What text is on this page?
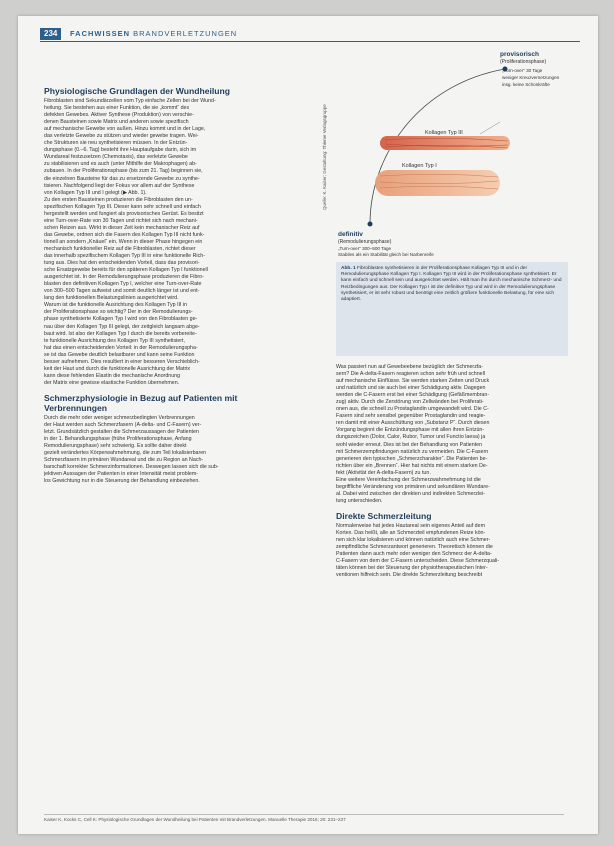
234	FACHWISSEN BRANDVERLETZUNGEN
Physiologische Grundlagen der Wundheilung
Fibroblasten sind Sekundärzellen vom Typ einfache Zellen bei der Wund-
heilung. Sie bestehen aus einer Funktion, die sie „kommt“ des
defekten Gewebes. Aktiver Synthese (Produktion) von verschie-
denen Bausteinen sowie Matrix und anderen sowie spezifisch
auf mechanische Gewebe von außen. Hinzu kommt und in der Lage,
das verletzte Gewebe zu stützen und wieder gewebe tragen. Wei-
che Strukturen sie neu synthetisieren müssen. In der Entzün-
dungsphase (0.–6. Tag) besteht ihre Hauptaufgabe darin, sich im
Wundareal festzusetzen (Chemotaxis), das verletzte Gewebe
zu stabilisieren und es auch (unter Mithilfe der Makrophagen) ab-
zubauen. In der Proliferationsphase (bis zum 21. Tag) beginnen sie,
die einzelnen Bausteine für das zu ersetzende Gewebe zu synthe-
tisieren. Nachfolgend liegt der Fokus vor allem auf der Synthese
von Kollagen Typ III und I gelegt (▶ Abb. 1).
Zu den ersten Bausteinen produzieren die Fibroblasten den un-
spezifischen Kollagen Typ III. Dieser kann sehr schnell und einfach
hergestellt werden und fungiert als provisorisches Gerüst. Es besitzt
eine Turn-over-Rate von 30 Tagen und richtet sich nach mechani-
schen Reizen aus. Wirkt in dieser Zeit kein mechanischer Reiz auf
das Gewebe, ordnen sich die Fasern des Kollagen Typ III nicht funk-
tionell an sondern „Knäuel“ ein. Wenn in dieser Phase hingegen ein
mechanisch funktioneller Reiz auf die Fibroblasten, richtet dieser
das innerhalb spezifischem Kollagen Typ III in eine funktionelle Rich-
tung aus. Dies hat den entscheidenden Vorteil, dass das provisori-
sche Ersatzgewebe bereits für den späteren Kollagen Typ I funktionell
ausgerichtet ist. In der Remodulierungsphase produzieren die Fibro-
blasten den definitiven Kollagen Typ I, welcher eine Turn-over-Rate
von 300–500 Tagen aufweist und somit deutlich länger ist und ent-
lang den funktionellen Belastungslinien ausgerichtet wird.
Warum ist die funktionelle Ausrichtung des Kollagen Typ III in
der Proliferationsphase so wichtig? Der in der Remodulierungs-
phase synthetisierte Kollagen Typ I wird von den Fibroblasten ge-
nau über den Kollagen Typ III gelegt, der zeitgleich langsam abge-
baut wird. Ist also der Kollagen Typ I durch die bereits vorbereite-
te funktionelle Ausrichtung des Kollagen Typ III synthetisiert,
hat das einen entscheidenden Vorteil: in der Remodulierungspha-
se ist das Gewebe deutlich belastbarer und kann seine Funktion
besser aufnehmen. Dies resultiert in einer besseren Verschieblich-
keit der Haut und durch die funktionelle Ausrichtung der Matrix
kann diese fehlenden Elastin die mechanische Anordnung
der Matrix eine gewisse elastische Funktion übernehmen.
Schmerzphysiologie in Bezug auf Patienten mit Verbrennungen
Durch die mehr oder weniger schmerzbedingten Verbrennungen
der Haut werden auch Schmerzfasern (A-delta- und C-Fasern) ver-
letzt. Grundsätzlich gestalten die Schmerzaussagen der Patienten
in der 1. Behandlungsphase (frühe Proliferationsphase, Anfang
Remodulierungsphase) sehr schwierig. Es sollte daher direkt
gezielt verändertes Körperwahrnehmung, die zum Teil lokalisierbaren
Schmerzfasern im primären Wundareal und die zu Region an Nach-
barschaft korrekter Schmerzinformationen. Deswegen lassen sich die sub-
jektiven Aussagen der Patienten in einer Intensität meist problem-
los Gewichtung nur in die Steuerung der Behandlung einbeziehen.
Quelle: K. Kaiser; Gestaltung: Thieme Verlagsgruppe	Kollagen Typ III
Kollagen Typ I
provisorisch
(Proliferationsphase)
„Turn-over“ 30 Tage
weniger Kreuzvernetzungen
insg. keine Schonkräfte
definitiv
(Remodulierungsphase)
„Turn-over“ 300–500 Tage
Stabiles als ein Stabilität gleich bei Narbenreife
Abb. 1 Fibroblasten synthetisieren in der Proliferationsphase Kollagen Typ III und in der Remodulierungsphase Kollagen Typ I. Kollagen Typ III wird in der Proliferationsphase synthetisiert. Er kann einfach und schnell sein und ausgerichtet werden. Hält man ihn durch mechanische Schmerz- und Reizbedingungen aus. Der Kollagen Typ I ist der definitive Typ und wird in der Remodulierungsphase synthetisiert, er ist sehr robust und benötigt eine zeitlich größere funktionelle Belastung, für eine sich adaptiert.
Was passiert nun auf Gewebeebene bezüglich der Schmerzfa-
sern? Die A-delta-Fasern reagieren schon sehr früh und schnell
auf mechanische Einflüsse. Sie werden starken Zeiten und Druck
und natürlich und sie auch bei einer Schädigung aktiv. Dagegen
werden die C-Fasern erst bei einer Schädigung (Gefäßmembran-
zug) aktiv. Durch die Zerstörung von Zellwänden bei Proliferati-
onen aus, die schnell zu Prostaglandin umgewandelt wird. Die C-
Fasern sind sehr sensibel gegenüber Prostaglandin und reagie-
ren damit mit einer Ausschüttung von „Substanz P“. Durch diesen
Vorgang beginnt die Entzündungsphase mit allen ihren Entzün-
dungszeichen (Dolor, Calor, Rubor, Tumor und Functio laesa) ja
wohl wieder erneut. Dies ist bei der Behandlung von Patienten
mit Schmerzempfindungen natürlich zu vermeiden. Die C-Fasern
generieren den typischen „Schmerzcharakter“. Die Patienten be-
richten über ein „Brennen“. Hier hat nichts mit einem starken De-
fekt (Aktivität der A-delta-Fasern) zu tun.
Eine weitere Vereinfachung der Schmerzwahrnehmung ist die
begriffliche Veränderung von primären und sekundären Wundare-
al. Dabei wird zwischen der direkten und indirekten Schmerzlei-
tung unterschieden.
Direkte Schmerzleitung
Normalerweise hat jedes Hautareal sein eigenes Anteil auf dem
Kortex. Das heißt, alle an Schmerzteil empfundenen Reize kön-
nen sich klar lokalisieren und können natürlich auch eine Schmer-
zempfindliche Schmerzantwort generieren. Theoretisch können die
Patienten dann auch mehr oder weniger den Schmerz der A-delta-
C-Fasern von dem der C-Fasern unterscheiden. Diese Schmerzquali-
täten können bei der Steuerung der physiotherapeutischen Inter-
ventionen hilfreich sein. Die direkte Schmerzleitung beschreibt
Kaiser K, Kocks C, Cell K: Physiologische Grundlagen der Wundheilung bei Patienten mit Brandverletzungen. Manuelle Therapie 2016; 20: 231–237
